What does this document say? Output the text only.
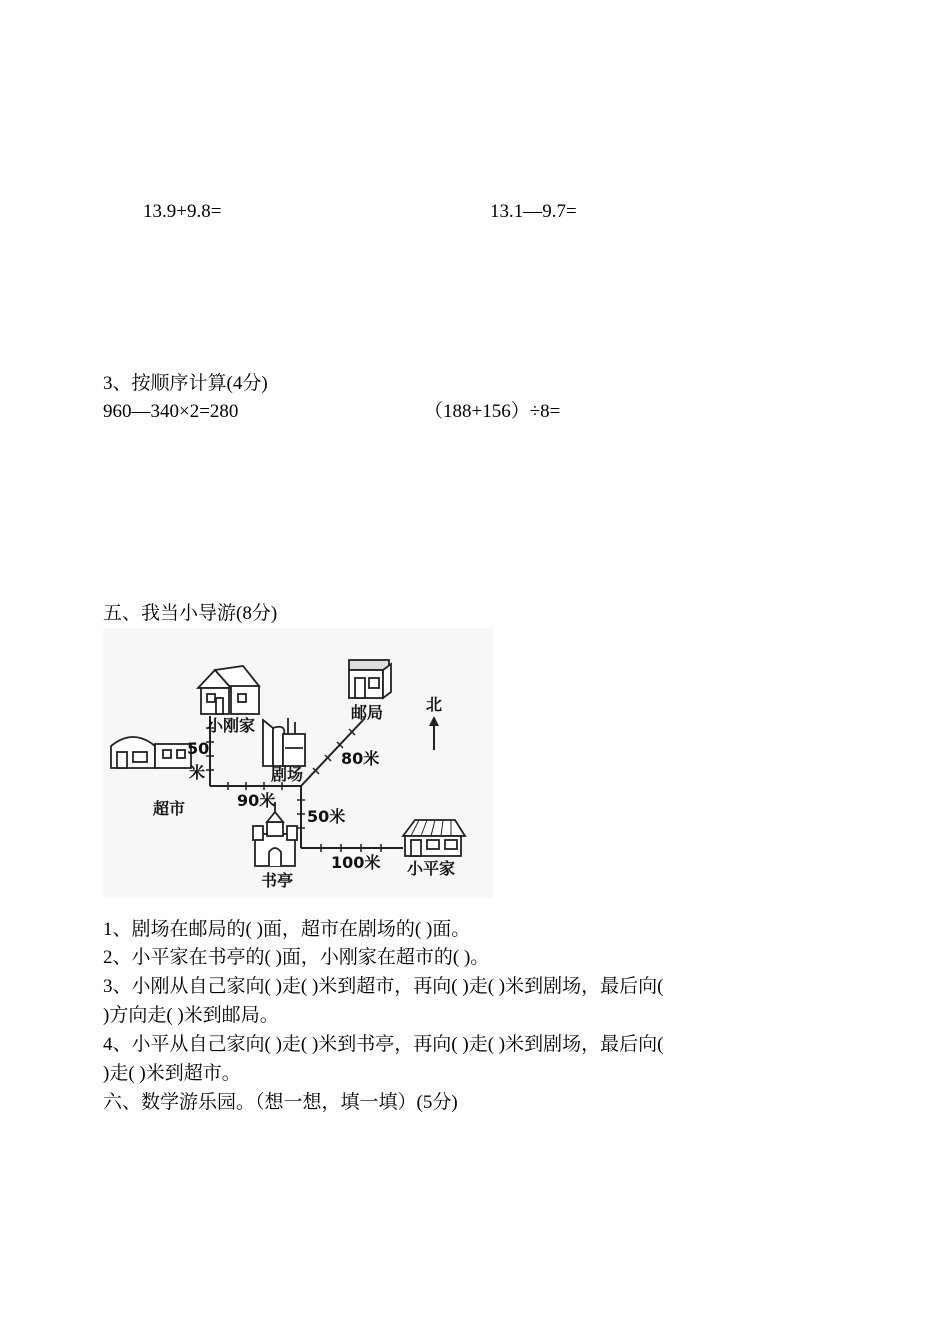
13.9+9.8=	13.1—9.7=
3、按顺序计算(4分)
960—340×2=280	（188+156）÷8=
五、我当小导游(8分)
小刚家
邮局	北
超市
剧场
书亭
小平家
50
米
90米
80米
50米
100米
1、剧场在邮局的( )面，超市在剧场的( )面。
2、小平家在书亭的( )面，小刚家在超市的( )。
3、小刚从自己家向( )走( )米到超市，再向( )走( )米到剧场，最后向(
)方向走( )米到邮局。
4、小平从自己家向( )走( )米到书亭，再向( )走( )米到剧场，最后向(
)走( )米到超市。
六、数学游乐园。（想一想，填一填）(5分)
